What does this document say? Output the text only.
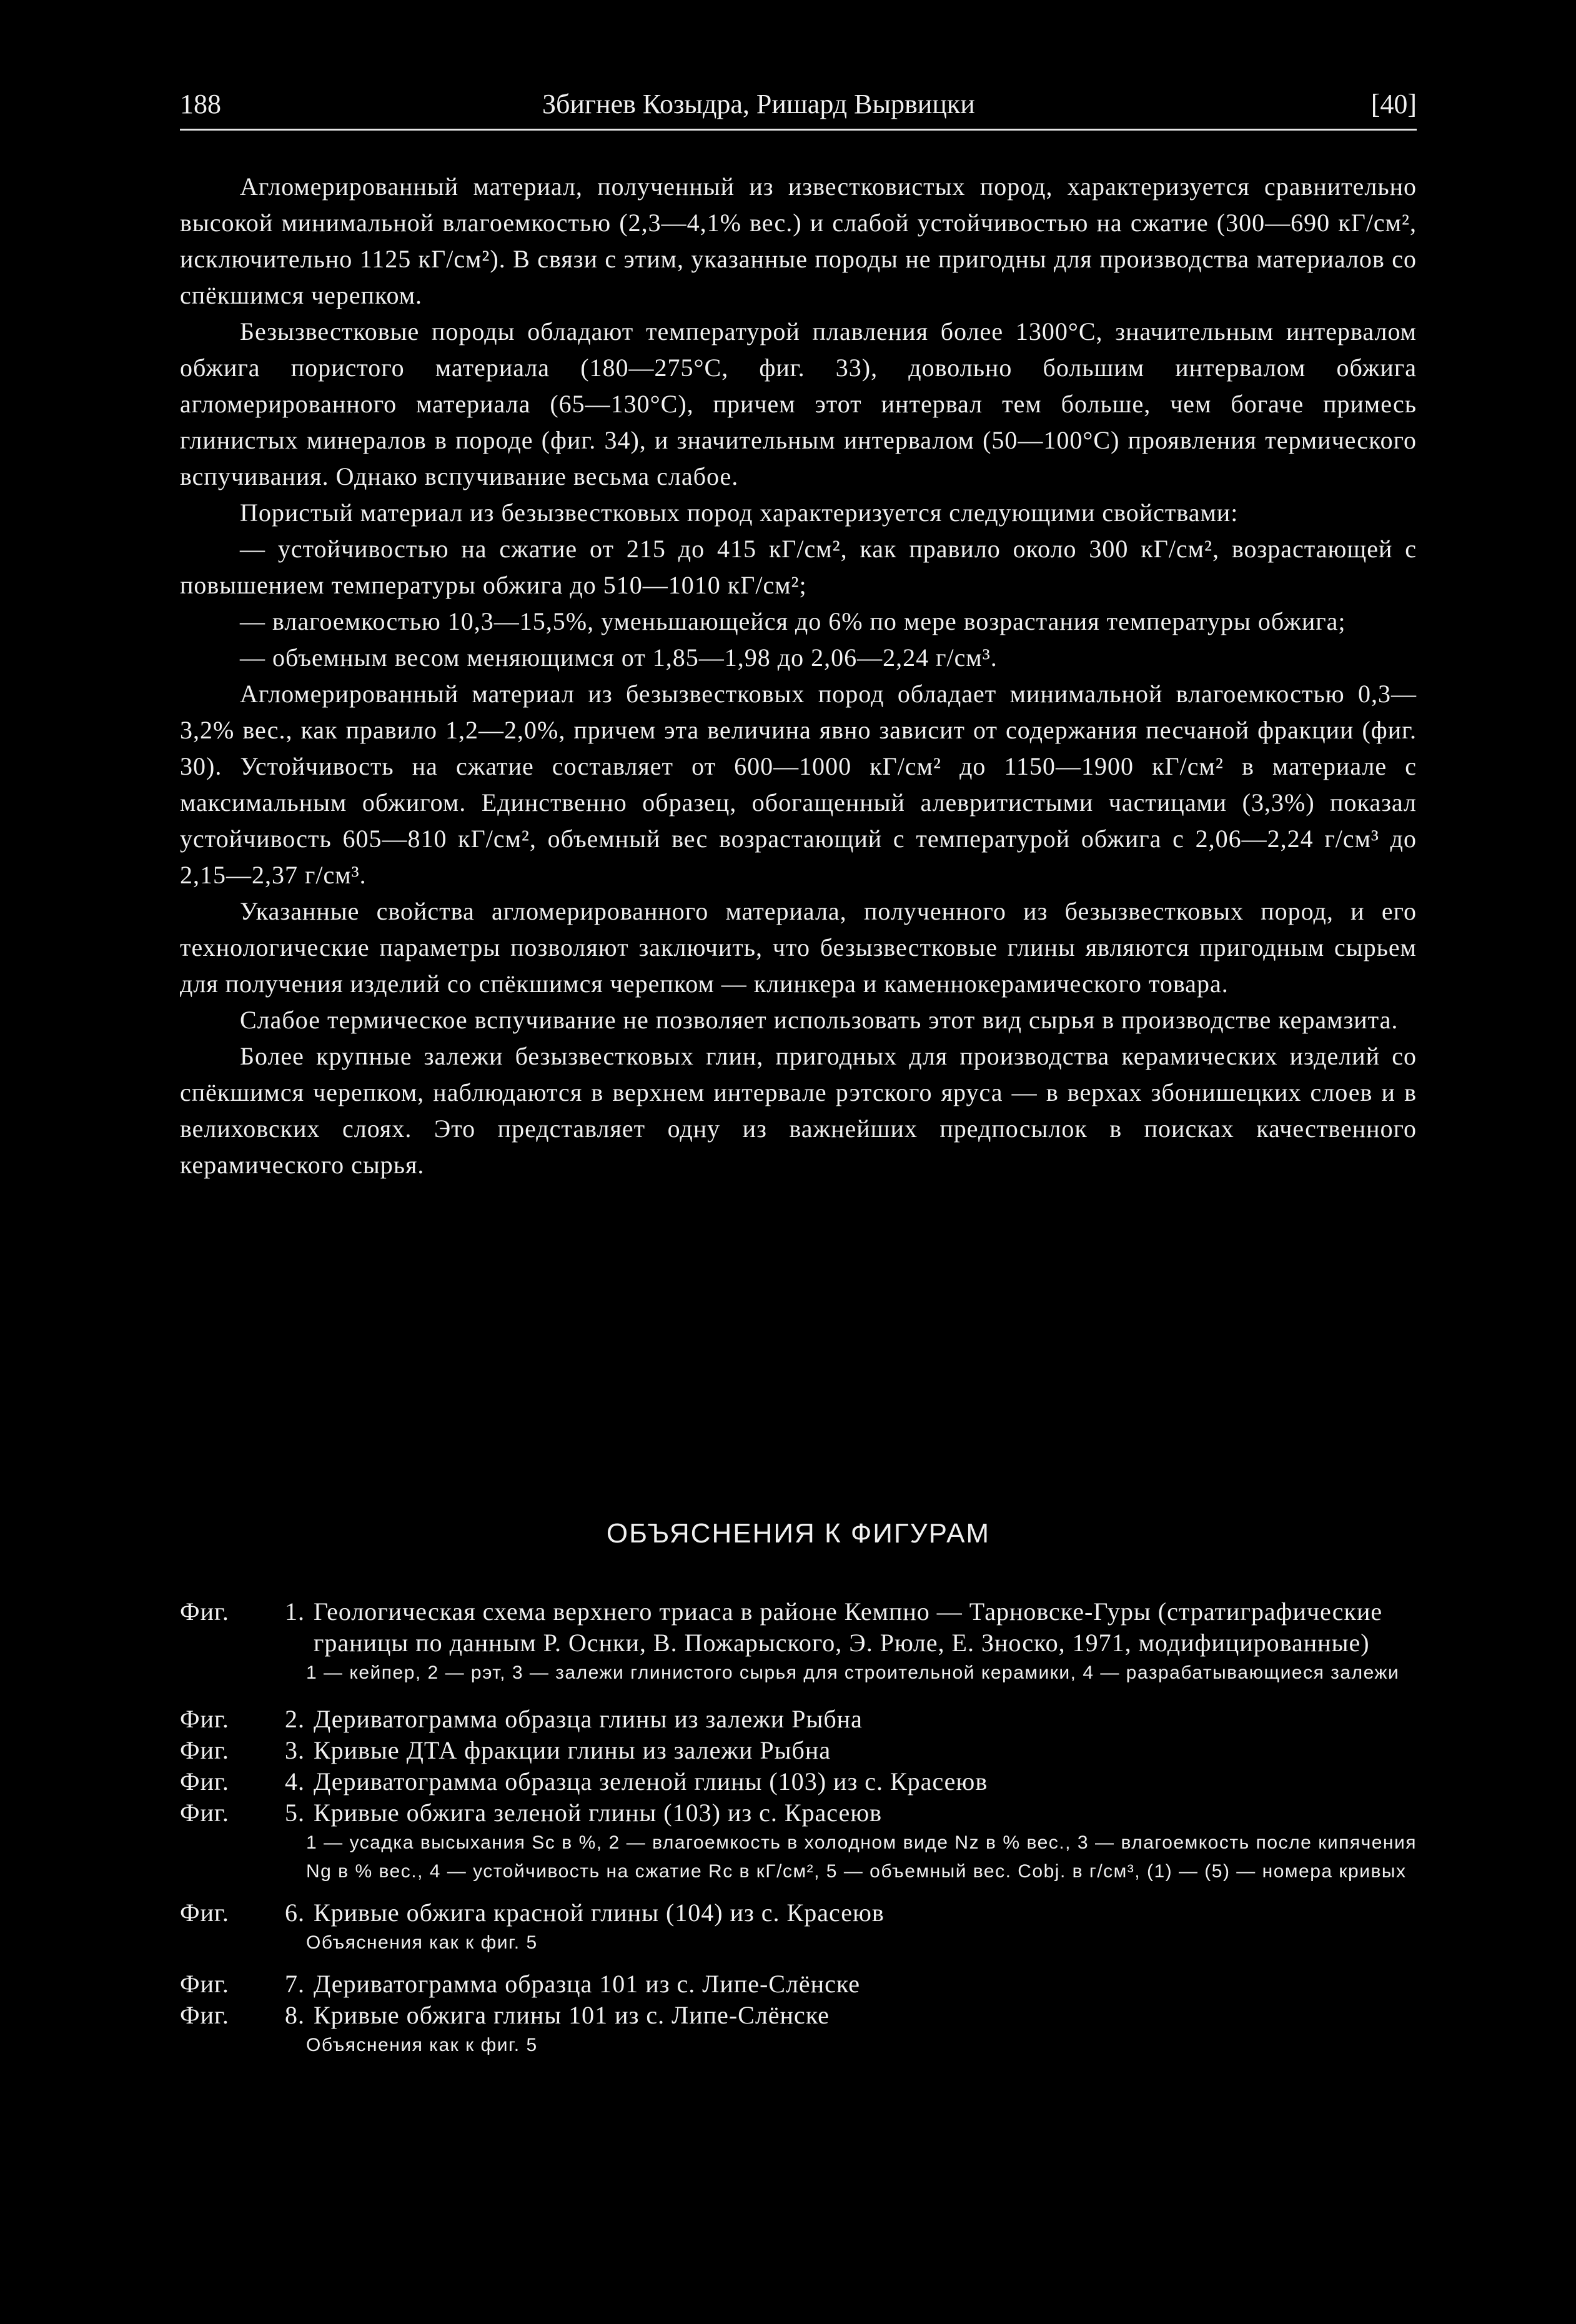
188	Збигнев Козыдра, Ришард Вырвицки	[40]

Агломерированный материал, полученный из известковистых пород, характеризуется сравнительно высокой минимальной влагоемкостью (2,3—4,1% вес.) и слабой устойчивостью на сжатие (300—690 кГ/см², исключительно 1125 кГ/см²). В связи с этим, указанные породы не пригодны для производства материалов со спёкшимся черепком.

Безызвестковые породы обладают температурой плавления более 1300°С, значительным интервалом обжига пористого материала (180—275°С, фиг. 33), довольно большим интервалом обжига агломерированного материала (65—130°С), причем этот интервал тем больше, чем богаче примесь глинистых минералов в породе (фиг. 34), и значительным интервалом (50—100°С) проявления термического вспучивания. Однако вспучивание весьма слабое.

Пористый материал из безызвестковых пород характеризуется следующими свойствами:

— устойчивостью на сжатие от 215 до 415 кГ/см², как правило около 300 кГ/см², возрастающей с повышением температуры обжига до 510—1010 кГ/см²;

— влагоемкостью 10,3—15,5%, уменьшающейся до 6% по мере возрастания температуры обжига;

— объемным весом меняющимся от 1,85—1,98 до 2,06—2,24 г/см³.

Агломерированный материал из безызвестковых пород обладает минимальной влагоемкостью 0,3—3,2% вес., как правило 1,2—2,0%, причем эта величина явно зависит от содержания песчаной фракции (фиг. 30). Устойчивость на сжатие составляет от 600—1000 кГ/см² до 1150—1900 кГ/см² в материале с максимальным обжигом. Единственно образец, обогащенный алевритистыми частицами (3,3%) показал устойчивость 605—810 кГ/см², объемный вес возрастающий с температурой обжига с 2,06—2,24 г/см³ до 2,15—2,37 г/см³.

Указанные свойства агломерированного материала, полученного из безызвестковых пород, и его технологические параметры позволяют заключить, что безызвестковые глины являются пригодным сырьем для получения изделий со спёкшимся черепком — клинкера и каменнокерамического товара.

Слабое термическое вспучивание не позволяет использовать этот вид сырья в производстве керамзита.

Более крупные залежи безызвестковых глин, пригодных для производства керамических изделий со спёкшимся черепком, наблюдаются в верхнем интервале рэтского яруса — в верхах збонишецких слоев и в велиховских слоях. Это представляет одну из важнейших предпосылок в поисках качественного керамического сырья.

ОБЪЯСНЕНИЯ К ФИГУРАМ
Фиг.	1. Геологическая схема верхнего триаса в районе Кемпно — Тарновске-Гуры (стратиграфические границы по данным Р. Оснки, В. Пожарыского, Э. Рюле, Е. Зноско, 1971, модифицированные)
1 — кейпер, 2 — рэт, 3 — залежи глинистого сырья для строительной керамики, 4 — разрабатывающиеся залежи
Фиг.	2. Дериватограмма образца глины из залежи Рыбна
Фиг.	3. Кривые ДТА фракции глины из залежи Рыбна
Фиг.	4. Дериватограмма образца зеленой глины (103) из с. Красеюв
Фиг.	5. Кривые обжига зеленой глины (103) из с. Красеюв
1 — усадка высыхания Sc в %, 2 — влагоемкость в холодном виде Nz в % вес., 3 — влагоемкость после кипячения Ng в % вес., 4 — устойчивость на сжатие Rc в кГ/см², 5 — объемный вес. Cobj. в г/см³, (1) — (5) — номера кривых
Фиг.	6. Кривые обжига красной глины (104) из с. Красеюв
Объяснения как к фиг. 5
Фиг.	7. Дериватограмма образца 101 из с. Липе-Слёнске
Фиг.	8. Кривые обжига глины 101 из с. Липе-Слёнске
Объяснения как к фиг. 5
